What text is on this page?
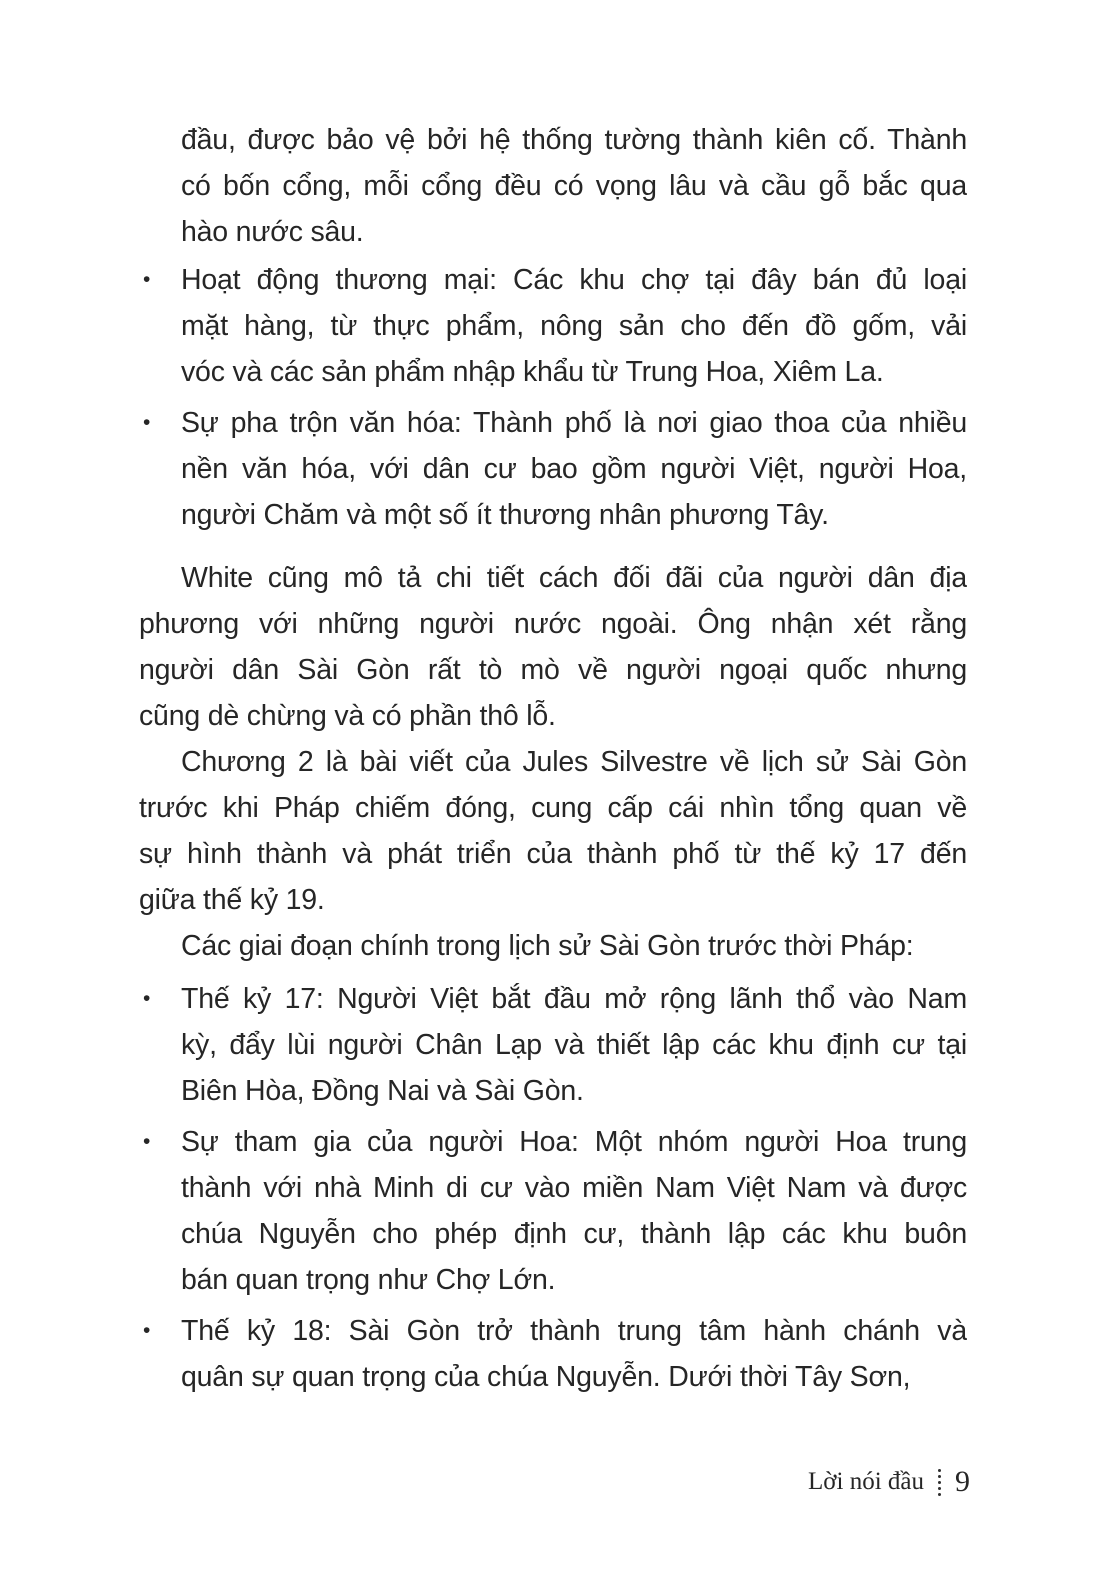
đầu, được bảo vệ bởi hệ thống tường thành kiên cố. Thành
có bốn cổng, mỗi cổng đều có vọng lâu và cầu gỗ bắc qua
hào nước sâu.
• Hoạt động thương mại: Các khu chợ tại đây bán đủ loại
mặt hàng, từ thực phẩm, nông sản cho đến đồ gốm, vải
vóc và các sản phẩm nhập khẩu từ Trung Hoa, Xiêm La.
• Sự pha trộn văn hóa: Thành phố là nơi giao thoa của nhiều
nền văn hóa, với dân cư bao gồm người Việt, người Hoa,
người Chăm và một số ít thương nhân phương Tây.
White cũng mô tả chi tiết cách đối đãi của người dân địa
phương với những người nước ngoài. Ông nhận xét rằng
người dân Sài Gòn rất tò mò về người ngoại quốc nhưng
cũng dè chừng và có phần thô lỗ.
Chương 2 là bài viết của Jules Silvestre về lịch sử Sài Gòn
trước khi Pháp chiếm đóng, cung cấp cái nhìn tổng quan về
sự hình thành và phát triển của thành phố từ thế kỷ 17 đến
giữa thế kỷ 19.
Các giai đoạn chính trong lịch sử Sài Gòn trước thời Pháp:
• Thế kỷ 17: Người Việt bắt đầu mở rộng lãnh thổ vào Nam
kỳ, đẩy lùi người Chân Lạp và thiết lập các khu định cư tại
Biên Hòa, Đồng Nai và Sài Gòn.
• Sự tham gia của người Hoa: Một nhóm người Hoa trung
thành với nhà Minh di cư vào miền Nam Việt Nam và được
chúa Nguyễn cho phép định cư, thành lập các khu buôn
bán quan trọng như Chợ Lớn.
• Thế kỷ 18: Sài Gòn trở thành trung tâm hành chánh và
quân sự quan trọng của chúa Nguyễn. Dưới thời Tây Sơn,
Lời nói đầu 9
